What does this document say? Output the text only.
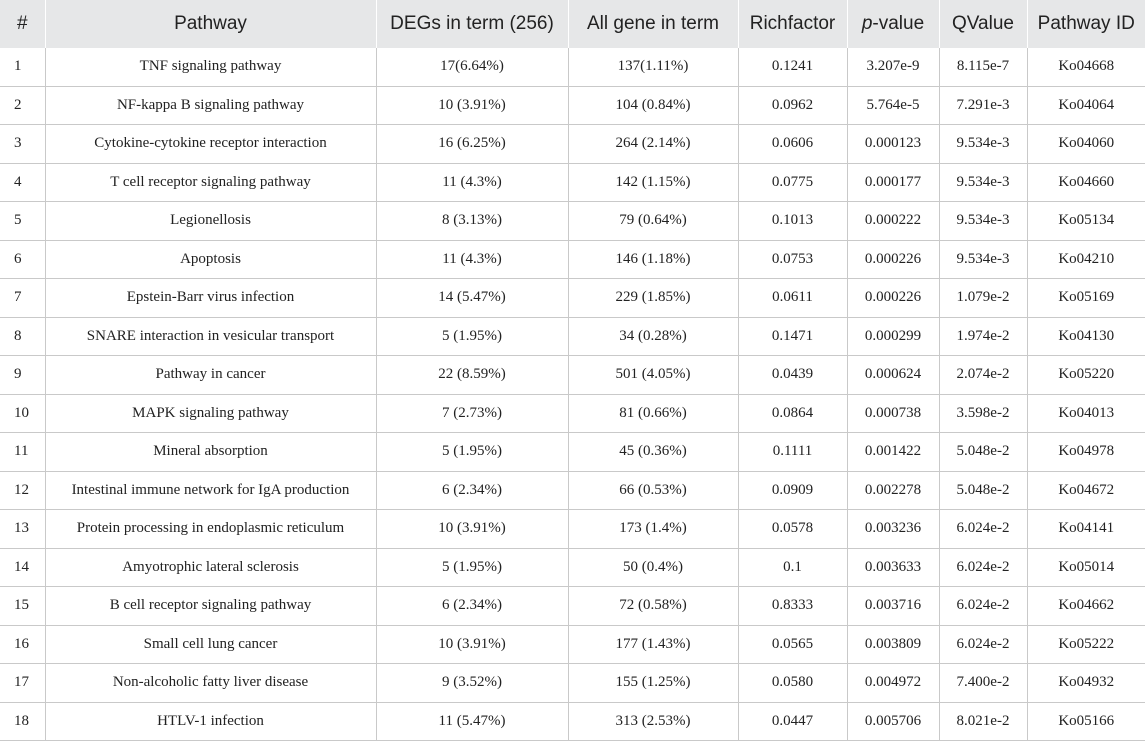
#	Pathway	DEGs in term (256)	All gene in term	Richfactor	p-value	QValue	Pathway ID
1	TNF signaling pathway	17(6.64%)	137(1.11%)	0.1241	3.207e-9	8.115e-7	Ko04668
2	NF-kappa B signaling pathway	10 (3.91%)	104 (0.84%)	0.0962	5.764e-5	7.291e-3	Ko04064
3	Cytokine-cytokine receptor interaction	16 (6.25%)	264 (2.14%)	0.0606	0.000123	9.534e-3	Ko04060
4	T cell receptor signaling pathway	11 (4.3%)	142 (1.15%)	0.0775	0.000177	9.534e-3	Ko04660
5	Legionellosis	8 (3.13%)	79 (0.64%)	0.1013	0.000222	9.534e-3	Ko05134
6	Apoptosis	11 (4.3%)	146 (1.18%)	0.0753	0.000226	9.534e-3	Ko04210
7	Epstein-Barr virus infection	14 (5.47%)	229 (1.85%)	0.0611	0.000226	1.079e-2	Ko05169
8	SNARE interaction in vesicular transport	5 (1.95%)	34 (0.28%)	0.1471	0.000299	1.974e-2	Ko04130
9	Pathway in cancer	22 (8.59%)	501 (4.05%)	0.0439	0.000624	2.074e-2	Ko05220
10	MAPK signaling pathway	7 (2.73%)	81 (0.66%)	0.0864	0.000738	3.598e-2	Ko04013
11	Mineral absorption	5 (1.95%)	45 (0.36%)	0.1111	0.001422	5.048e-2	Ko04978
12	Intestinal immune network for IgA production	6 (2.34%)	66 (0.53%)	0.0909	0.002278	5.048e-2	Ko04672
13	Protein processing in endoplasmic reticulum	10 (3.91%)	173 (1.4%)	0.0578	0.003236	6.024e-2	Ko04141
14	Amyotrophic lateral sclerosis	5 (1.95%)	50 (0.4%)	0.1	0.003633	6.024e-2	Ko05014
15	B cell receptor signaling pathway	6 (2.34%)	72 (0.58%)	0.8333	0.003716	6.024e-2	Ko04662
16	Small cell lung cancer	10 (3.91%)	177 (1.43%)	0.0565	0.003809	6.024e-2	Ko05222
17	Non-alcoholic fatty liver disease	9 (3.52%)	155 (1.25%)	0.0580	0.004972	7.400e-2	Ko04932
18	HTLV-1 infection	11 (5.47%)	313 (2.53%)	0.0447	0.005706	8.021e-2	Ko05166
